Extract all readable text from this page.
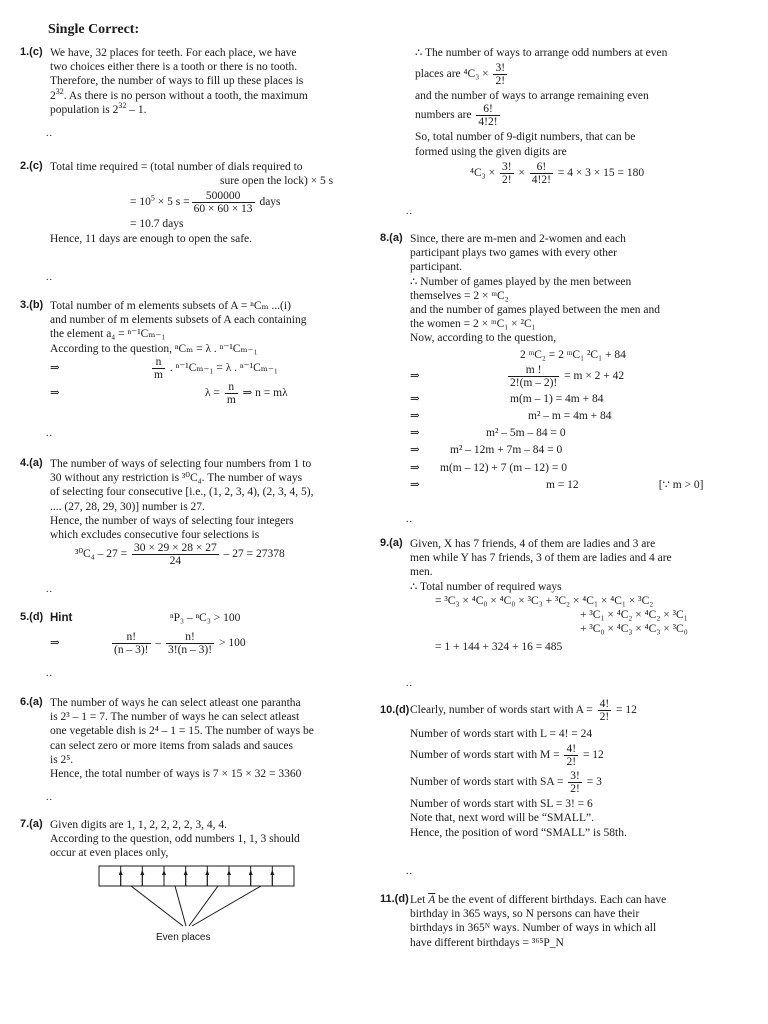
Single Correct:
1.(c) We have, 32 places for teeth. For each place, we have
two choices either there is a tooth or there is no tooth.
Therefore, the number of ways to fill up these places is
$2^{32}$. As there is no person without a tooth, the maximum
population is $2^{32} - 1$.
..
2.(c) Total time required = (total number of dials required to
sure open the lock) × 5 s
= $10^5 \times 5$ $s = \frac{500000}{60 \times 60 \times 13}$ days
= 10.7 days
Hence, 11 days are enough to open the safe.
..
3.(b) Total number of m elements subsets of A = ⁿCₘ ...(i)
and number of m elements subsets of A each containing
the element a₄ = ⁿ⁻¹Cₘ₋₁
According to the question, ⁿCₘ = λ . ⁿ⁻¹Cₘ₋₁
⇒	$\frac{n}{m}$ . ⁿ⁻¹Cₘ₋₁ = λ . ⁿ⁻¹Cₘ₋₁
⇒	$\lambda = \frac{n}{m}$ ⇒ n = mλ
..
4.(a) The number of ways of selecting four numbers from 1 to
30 without any restriction is ³⁰C₄. The number of ways
of selecting four consecutive [i.e., (1, 2, 3, 4), (2, 3, 4, 5),
.... (27, 28, 29, 30)] number is 27.
Hence, the number of ways of selecting four integers
which excludes consecutive four selections is
$^{30}C_4 - 27 = \frac{30 \times 29 \times 28 \times 27}{24} - 27 = 27378$
..
5.(d) Hint	ⁿP₃ – ⁿC₃ > 100
⇒	$\frac{n!}{(n - 3)!} - \frac{n!}{3!(n - 3)!} > 100$
..
6.(a) The number of ways he can select atleast one parantha
is 2³ – 1 = 7. The number of ways he can select atleast
one vegetable dish is 2⁴ – 1 = 15. The number of ways be
can select zero or more items from salads and sauces
is 2⁵.
Hence, the total number of ways is 7 × 15 × 32 = 3360
..
7.(a) Given digits are 1, 1, 2, 2, 2, 2, 3, 4, 4.
According to the question, odd numbers 1, 1, 3 should
occur at even places only,
Even places
∴ The number of ways to arrange odd numbers at even
places are $^4C_3 \times \frac{3!}{2!}$
and the number of ways to arrange remaining even
numbers are $\frac{6!}{4!2!}$
So, total number of 9-digit numbers, that can be
formed using the given digits are
$^4C_3 \times \frac{3!}{2!} \times \frac{6!}{4!2!} = 4 \times 3 \times 15 = 180$
..
8.(a) Since, there are m-men and 2-women and each
participant plays two games with every other
participant.
∴ Number of games played by the men between
themselves = 2 × ᵐC₂
and the number of games played between the men and
the women = 2 × ᵐC₁ × ²C₁
Now, according to the question,
2 ᵐC₂ = 2 ᵐC₁ ²C₁ + 84
⇒	$\frac{m !}{2!(m - 2)!} = m \times 2 + 42$
⇒	m(m – 1) = 4m + 84
⇒	m² – m = 4m + 84
⇒	m² – 5m – 84 = 0
⇒	m² – 12m + 7m – 84 = 0
⇒ m(m – 12) + 7 (m – 12) = 0
⇒	m = 12	[∵ m > 0]
..
9.(a) Given, X has 7 friends, 4 of them are ladies and 3 are
men while Y has 7 friends, 3 of them are ladies and 4 are
men.
∴ Total number of required ways
= ³C₃ × ⁴C₀ × ⁴C₀ × ³C₃ + ³C₂ × ⁴C₁ × ⁴C₁ × ³C₂
+ ³C₁ × ⁴C₂ × ⁴C₂ × ³C₁
+ ³C₀ × ⁴C₃ × ⁴C₃ × ³C₀
= 1 + 144 + 324 + 16 = 485
..
10.(d) Clearly, number of words start with $A = \frac{4!}{2!} = 12$
Number of words start with L = 4! = 24
Number of words start with $M = \frac{4!}{2!} = 12$
Number of words start with SA = $\frac{3!}{2!} = 3$
Number of words start with SL = 3! = 6
Note that, next word will be “SMALL”.
Hence, the position of word “SMALL” is 58th.
..
11.(d) Let $\overline{A}$ be the event of different birthdays. Each can have
birthday in 365 ways, so N persons can have their
birthdays in 365ᴺ ways. Number of ways in which all
have different birthdays = ³⁶⁵P_N
